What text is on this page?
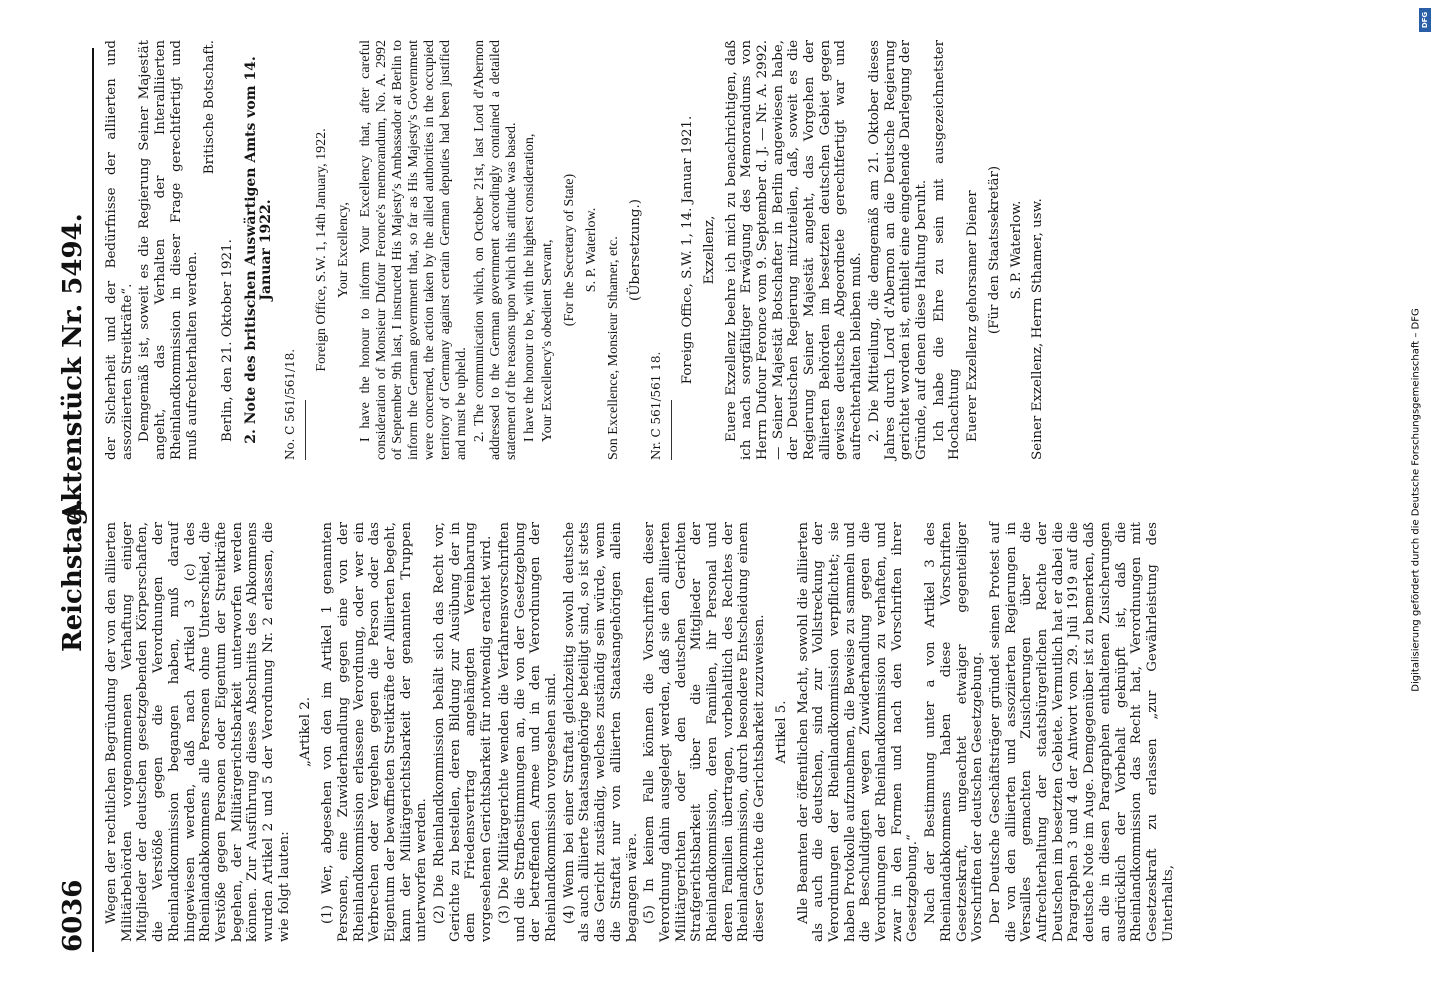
6036
Reichstag.
Aktenstück Nr. 5494.

Wegen der rechtlichen Begründung der von den alliierten Militärbehörden vorgenommenen Verhaftung einiger Mitglieder der deutschen gesetzgebenden Körperschaften, die Verstöße gegen die Verordnungen der Rheinlandkommission begangen haben, muß darauf hingewiesen werden, daß nach Artikel 3 (c) des Rheinlandabkommens alle Personen ohne Unterschied, die Verstöße gegen Personen oder Eigentum der Streitkräfte begehen, der Militärgerichtsbarkeit unterworfen werden können. Zur Ausführung dieses Abschnitts des Abkommens wurden Artikel 2 und 5 der Verordnung Nr. 2 erlassen, die wie folgt lauten:

„Artikel 2. (1) Wer, abgesehen von den im Artikel 1 genannten Personen, eine Zuwiderhandlung gegen eine von der Rheinlandkommission erlassene Verordnung, oder wer ein Verbrechen oder Vergehen gegen die Person oder das Eigentum der bewaffneten Streitkräfte der Alliierten begeht, kann der Militärgerichtsbarkeit der genannten Truppen unterworfen werden. (2) Die Rheinlandkommission behält sich das Recht vor, Gerichte zu bestellen, deren Bildung zur Ausübung der in dem Friedensvertrag angehängten Vereinbarung vorgesehenen Gerichtsbarkeit für notwendig erachtet wird. (3) Die Militärgerichte wenden die Verfahrensvorschriften und die Strafbestimmungen an, die von der Gesetzgebung der betreffenden Armee und in den Verordnungen der Rheinlandkommission vorgesehen sind. (4) Wenn bei einer Straftat gleichzeitig sowohl deutsche als auch alliierte Staatsangehörige beteiligt sind, so ist stets das Gericht zuständig, welches zuständig sein würde, wenn die Straftat nur von alliierten Staatsangehörigen allein begangen wäre. (5) In keinem Falle können die Vorschriften dieser Verordnung dahin ausgelegt werden, daß sie den alliierten Militärgerichten oder den deutschen Gerichten Strafgerichtsbarkeit über die Mitglieder der Rheinlandkommission, deren Familien, ihr Personal und deren Familien übertragen, vorbehaltlich des Rechtes der Rheinlandkommission, durch besondere Entscheidung einem dieser Gerichte die Gerichtsbarkeit zuzuweisen. Artikel 5. Alle Beamten der öffentlichen Macht, sowohl die alliierten als auch die deutschen, sind zur Vollstreckung der Verordnungen der Rheinlandkommission verpflichtet; sie haben Protokolle aufzunehmen, die Beweise zu sammeln und die Beschuldigten wegen Zuwiderhandlung gegen die Verordnungen der Rheinlandkommission zu verhaften, und zwar in den Formen und nach den Vorschriften ihrer Gesetzgebung.“ Nach der Bestimmung unter a von Artikel 3 des Rheinlandabkommens haben diese Vorschriften Gesetzeskraft, ungeachtet etwaiger gegenteiliger Vorschriften der deutschen Gesetzgebung. Der Deutsche Geschäftsträger gründet seinen Protest auf die von den alliierten und assoziierten Regierungen in Versailles gemachten Zusicherungen über die Aufrechterhaltung der staatsbürgerlichen Rechte der Deutschen im besetzten Gebiete. Vermutlich hat er dabei die Paragraphen 3 und 4 der Antwort vom 29. Juli 1919 auf die deutsche Note im Auge. Demgegenüber ist zu bemerken, daß an die in diesen Paragraphen enthaltenen Zusicherungen ausdrücklich der Vorbehalt geknüpft ist, daß die Rheinlandkommission das Recht hat, Verordnungen mit Gesetzeskraft zu erlassen „zur Gewährleistung des Unterhalts,

der Sicherheit und der Bedürfnisse der alliierten und assoziierten Streitkräfte“. Demgemäß ist, soweit es die Regierung Seiner Majestät angeht, das Verhalten der Interalliierten Rheinlandkommission in dieser Frage gerechtfertigt und muß aufrechterhalten werden.

Britische Botschaft.

Berlin, den 21. Oktober 1921. 2. Note des britischen Auswärtigen Amts vom 14. Januar 1922.

No. C 561/561/18.

Foreign Office, S.W. 1, 14th January, 1922. Your Excellency, I have the honour to inform Your Excellency that, after careful consideration of Monsieur Dufour Feronce's memorandum, No. A. 2992 of September 9th last, I instructed His Majesty's Ambassador at Berlin to inform the German government that, so far as His Majesty's Government were concerned, the action taken by the allied authorities in the occupied territory of Germany against certain German deputies had been justified and must be upheld. 2. The communication which, on October 21st, last Lord d'Abernon addressed to the German government accordingly contained a detailed statement of the reasons upon which this attitude was based. I have the honour to be, with the highest consideration, Your Excellency's obedient Servant, (For the Secretary of State) S. P. Waterlow. Son Excellence, Monsieur Sthamer, etc. (Übersetzung.)

Nr. C 561/561 18.

Foreign Office, S.W. 1, 14. Januar 1921. Exzellenz, Euere Exzellenz beehre ich mich zu benachrichtigen, daß ich nach sorgfältiger Erwägung des Memorandums von Herrn Dufour Feronce vom 9. September d. J. — Nr. A. 2992. — Seiner Majestät Botschafter in Berlin angewiesen habe, der Deutschen Regierung mitzuteilen, daß, soweit es die Regierung Seiner Majestät angeht, das Vorgehen der alliierten Behörden im besetzten deutschen Gebiet gegen gewisse deutsche Abgeordnete gerechtfertigt war und aufrechterhalten bleiben muß. 2. Die Mitteilung, die demgemäß am 21. Oktober dieses Jahres durch Lord d'Abernon an die Deutsche Regierung gerichtet worden ist, enthielt eine eingehende Darlegung der Gründe, auf denen diese Haltung beruht. Ich habe die Ehre zu sein mit ausgezeichnetster Hochachtung Euerer Exzellenz gehorsamer Diener (Für den Staatssekretär) S. P. Waterlow. Seiner Exzellenz, Herrn Sthamer, usw.	Digitalisierung gefördert durch die Deutsche Forschungsgemeinschaft – DFG
DFG
